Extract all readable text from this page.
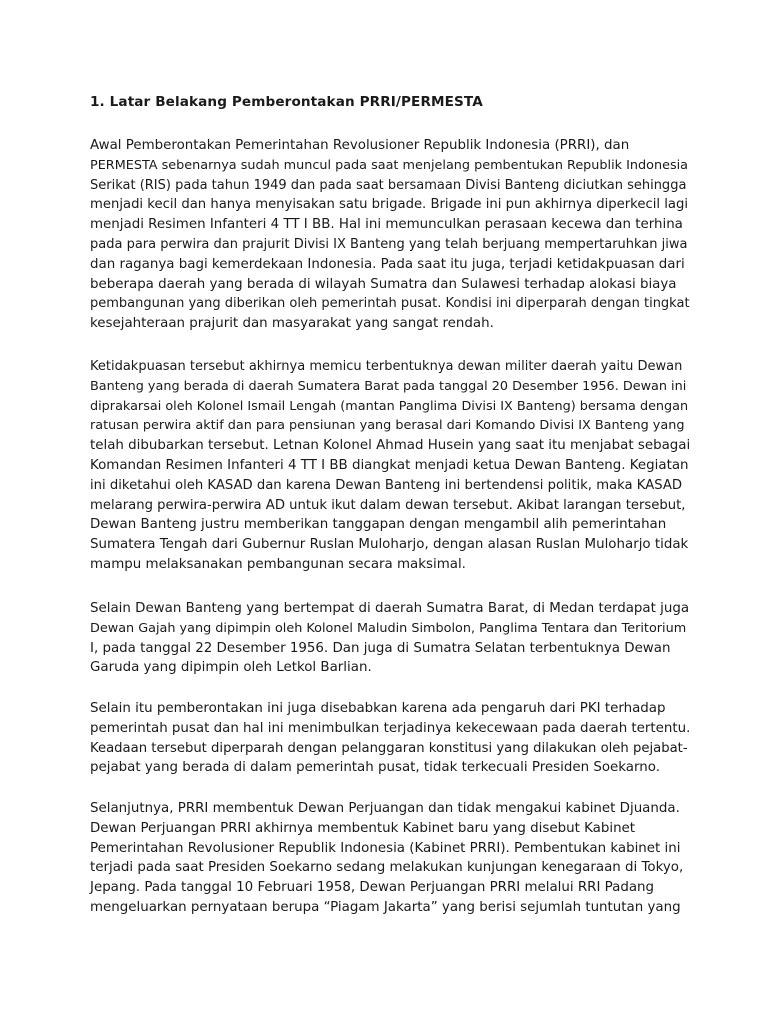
1. Latar Belakang Pemberontakan PRRI/PERMESTA
Awal Pemberontakan Pemerintahan Revolusioner Republik Indonesia (PRRI), dan
PERMESTA sebenarnya sudah muncul pada saat menjelang pembentukan Republik Indonesia
Serikat (RIS) pada tahun 1949 dan pada saat bersamaan Divisi Banteng diciutkan sehingga
menjadi kecil dan hanya menyisakan satu brigade. Brigade ini pun akhirnya diperkecil lagi
menjadi Resimen Infanteri 4 TT I BB. Hal ini memunculkan perasaan kecewa dan terhina
pada para perwira dan prajurit Divisi IX Banteng yang telah berjuang mempertaruhkan jiwa
dan raganya bagi kemerdekaan Indonesia. Pada saat itu juga, terjadi ketidakpuasan dari
beberapa daerah yang berada di wilayah Sumatra dan Sulawesi terhadap alokasi biaya
pembangunan yang diberikan oleh pemerintah pusat. Kondisi ini diperparah dengan tingkat
kesejahteraan prajurit dan masyarakat yang sangat rendah.
Ketidakpuasan tersebut akhirnya memicu terbentuknya dewan militer daerah yaitu Dewan
Banteng yang berada di daerah Sumatera Barat pada tanggal 20 Desember 1956. Dewan ini
diprakarsai oleh Kolonel Ismail Lengah (mantan Panglima Divisi IX Banteng) bersama dengan
ratusan perwira aktif dan para pensiunan yang berasal dari Komando Divisi IX Banteng yang
telah dibubarkan tersebut. Letnan Kolonel Ahmad Husein yang saat itu menjabat sebagai
Komandan Resimen Infanteri 4 TT I BB diangkat menjadi ketua Dewan Banteng. Kegiatan
ini diketahui oleh KASAD dan karena Dewan Banteng ini bertendensi politik, maka KASAD
melarang perwira-perwira AD untuk ikut dalam dewan tersebut. Akibat larangan tersebut,
Dewan Banteng justru memberikan tanggapan dengan mengambil alih pemerintahan
Sumatera Tengah dari Gubernur Ruslan Muloharjo, dengan alasan Ruslan Muloharjo tidak
mampu melaksanakan pembangunan secara maksimal.
Selain Dewan Banteng yang bertempat di daerah Sumatra Barat, di Medan terdapat juga
Dewan Gajah yang dipimpin oleh Kolonel Maludin Simbolon, Panglima Tentara dan Teritorium
I, pada tanggal 22 Desember 1956. Dan juga di Sumatra Selatan terbentuknya Dewan
Garuda yang dipimpin oleh Letkol Barlian.
Selain itu pemberontakan ini juga disebabkan karena ada pengaruh dari PKI terhadap
pemerintah pusat dan hal ini menimbulkan terjadinya kekecewaan pada daerah tertentu.
Keadaan tersebut diperparah dengan pelanggaran konstitusi yang dilakukan oleh pejabat-
pejabat yang berada di dalam pemerintah pusat, tidak terkecuali Presiden Soekarno.
Selanjutnya, PRRI membentuk Dewan Perjuangan dan tidak mengakui kabinet Djuanda.
Dewan Perjuangan PRRI akhirnya membentuk Kabinet baru yang disebut Kabinet
Pemerintahan Revolusioner Republik Indonesia (Kabinet PRRI). Pembentukan kabinet ini
terjadi pada saat Presiden Soekarno sedang melakukan kunjungan kenegaraan di Tokyo,
Jepang. Pada tanggal 10 Februari 1958, Dewan Perjuangan PRRI melalui RRI Padang
mengeluarkan pernyataan berupa “Piagam Jakarta” yang berisi sejumlah tuntutan yang
